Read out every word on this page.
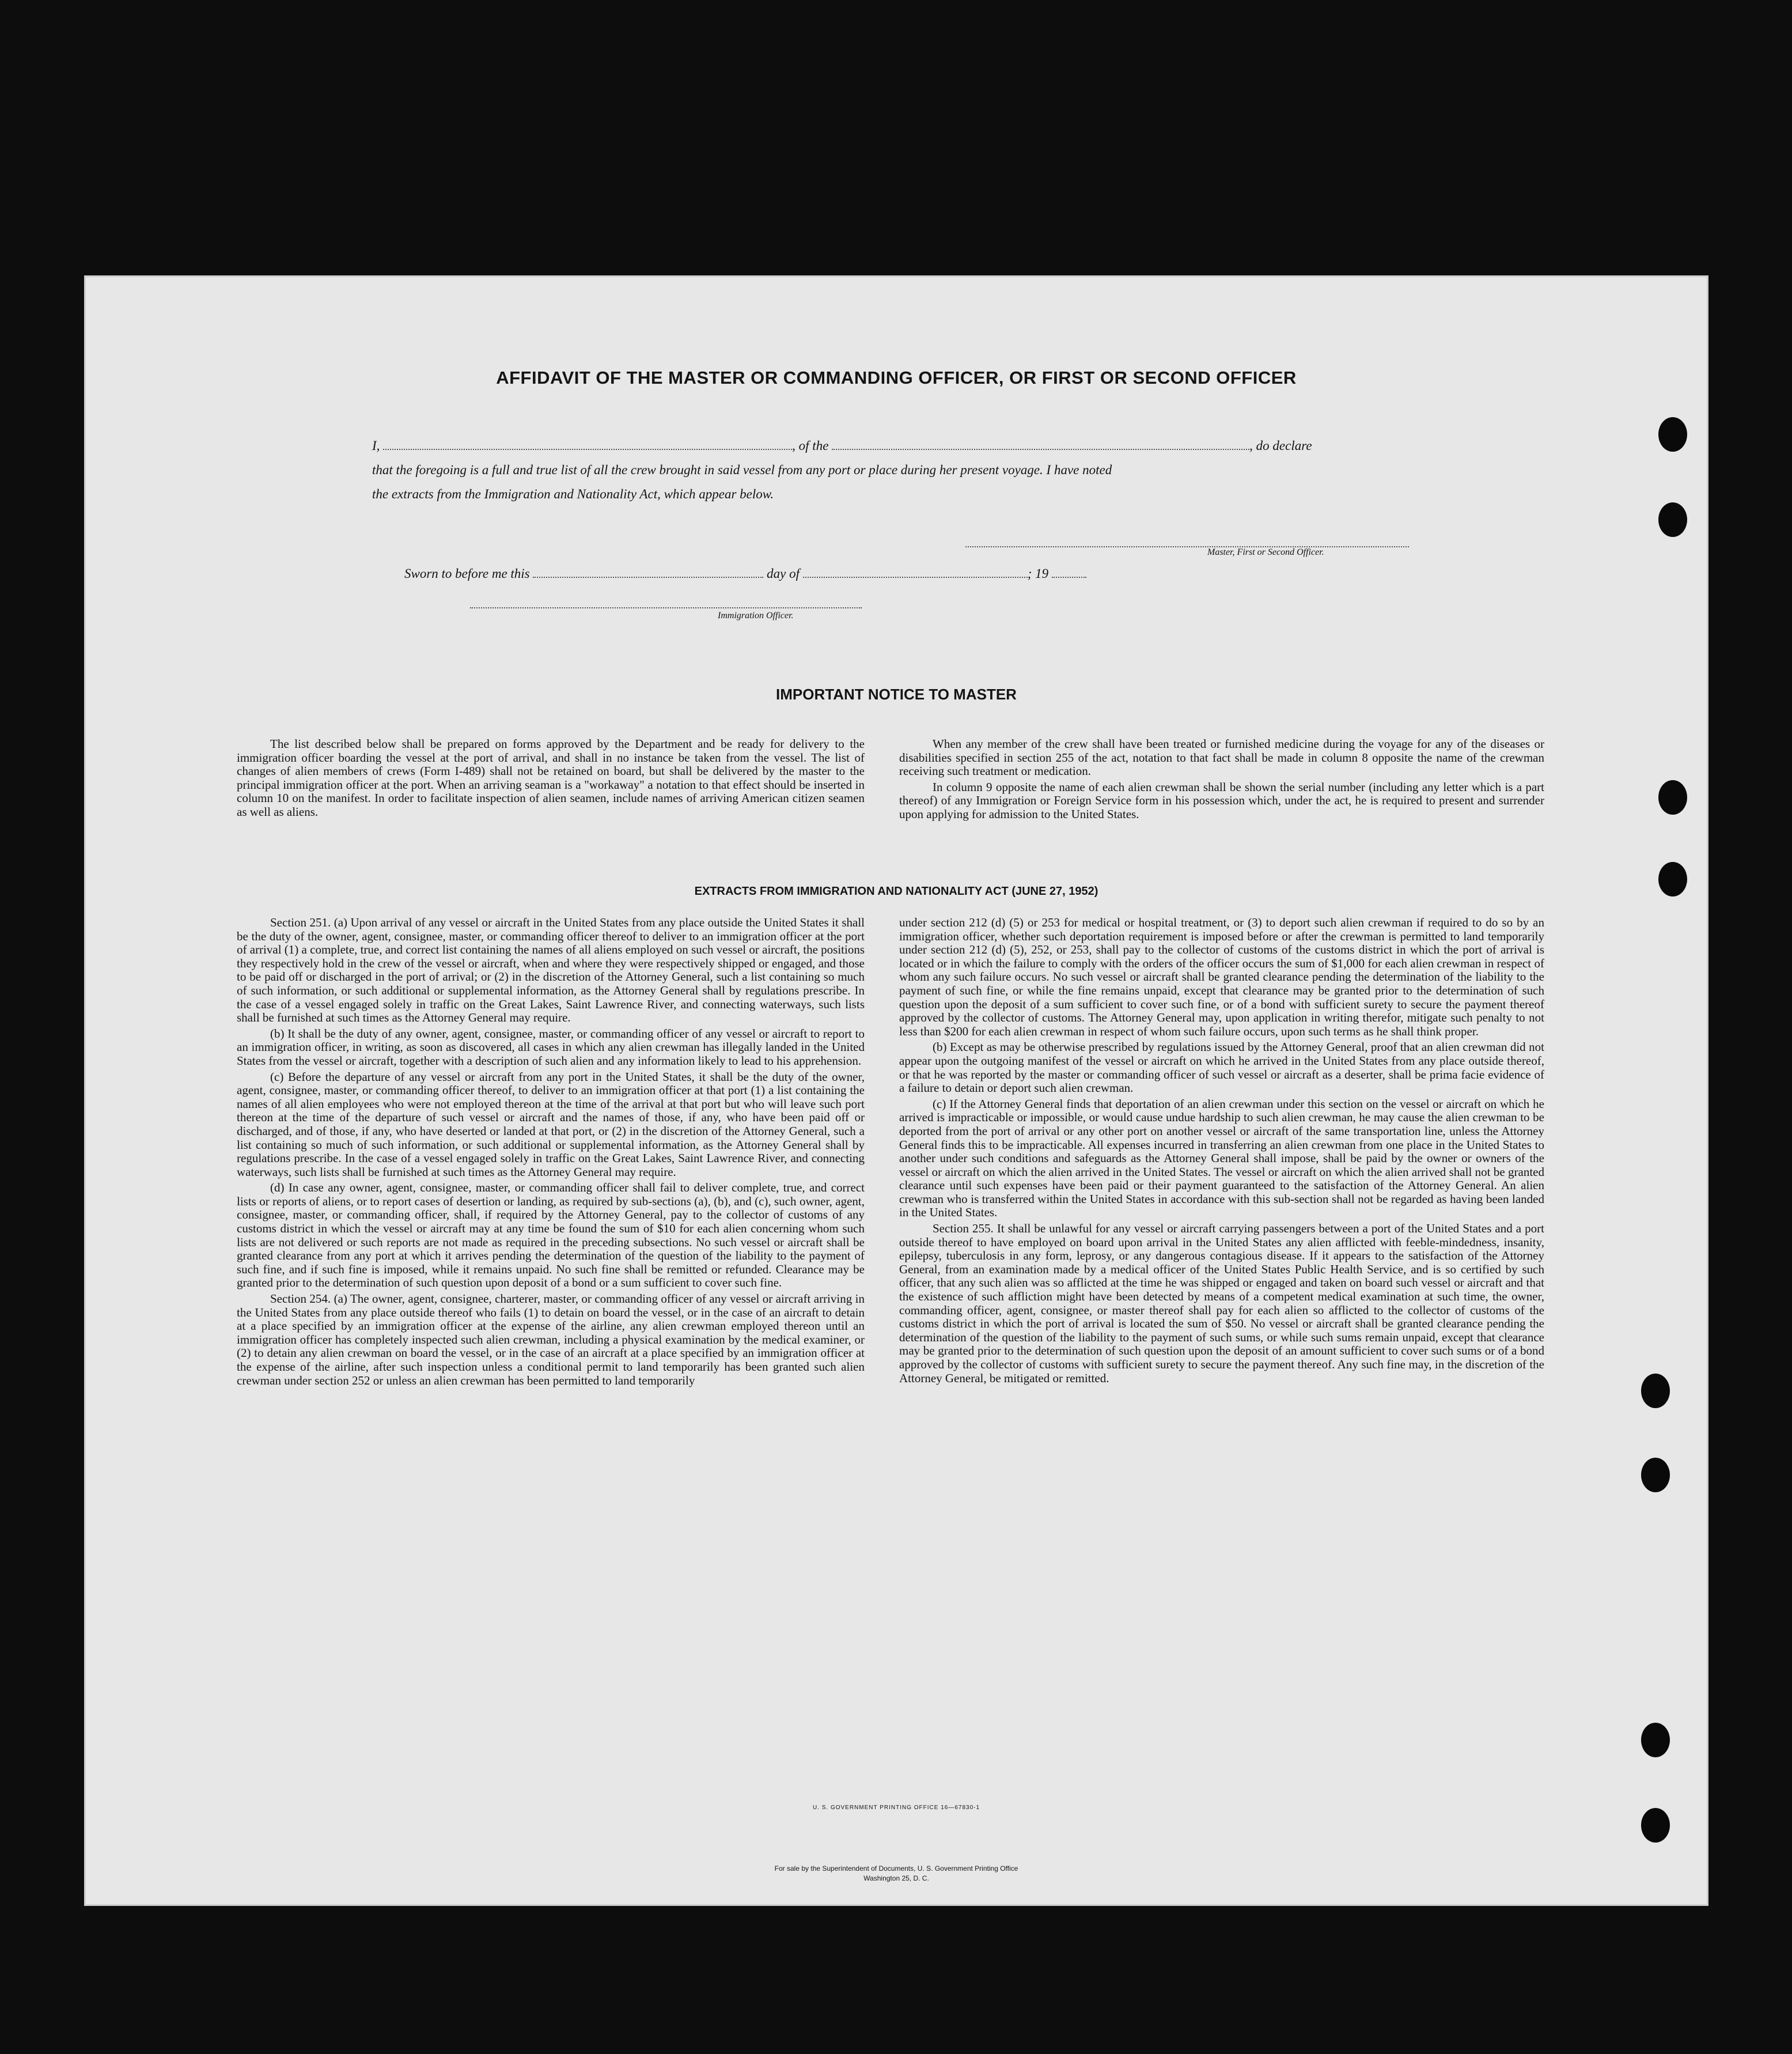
AFFIDAVIT OF THE MASTER OR COMMANDING OFFICER, OR FIRST OR SECOND OFFICER
I,	, of the	, do declare
that the foregoing is a full and true list of all the crew brought in said vessel from any port or place during her present voyage. I have noted
the extracts from the Immigration and Nationality Act, which appear below.
Master, First or Second Officer.
Sworn to before me this	day of	; 19
Immigration Officer.
IMPORTANT NOTICE TO MASTER

The list described below shall be prepared on forms approved by the Department and be ready for delivery to the immigration officer boarding the vessel at the port of arrival, and shall in no instance be taken from the vessel. The list of changes of alien members of crews (Form I-489) shall not be retained on board, but shall be delivered by the master to the principal immigration officer at the port. When an arriving seaman is a "workaway" a notation to that effect should be inserted in column 10 on the manifest. In order to facilitate inspection of alien seamen, include names of arriving American citizen seamen as well as aliens.

When any member of the crew shall have been treated or furnished medicine during the voyage for any of the diseases or disabilities specified in section 255 of the act, notation to that fact shall be made in column 8 opposite the name of the crewman receiving such treatment or medication.

In column 9 opposite the name of each alien crewman shall be shown the serial number (including any letter which is a part thereof) of any Immigration or Foreign Service form in his possession which, under the act, he is required to present and surrender upon applying for admission to the United States.

EXTRACTS FROM IMMIGRATION AND NATIONALITY ACT (JUNE 27, 1952)

Section 251. (a) Upon arrival of any vessel or aircraft in the United States from any place outside the United States it shall be the duty of the owner, agent, consignee, master, or commanding officer thereof to deliver to an immigration officer at the port of arrival (1) a complete, true, and correct list containing the names of all aliens employed on such vessel or aircraft, the positions they respectively hold in the crew of the vessel or aircraft, when and where they were respectively shipped or engaged, and those to be paid off or discharged in the port of arrival; or (2) in the discretion of the Attorney General, such a list containing so much of such information, or such additional or supplemental information, as the Attorney General shall by regulations prescribe. In the case of a vessel engaged solely in traffic on the Great Lakes, Saint Lawrence River, and connecting waterways, such lists shall be furnished at such times as the Attorney General may require.

(b) It shall be the duty of any owner, agent, consignee, master, or commanding officer of any vessel or aircraft to report to an immigration officer, in writing, as soon as discovered, all cases in which any alien crewman has illegally landed in the United States from the vessel or aircraft, together with a description of such alien and any information likely to lead to his apprehension.

(c) Before the departure of any vessel or aircraft from any port in the United States, it shall be the duty of the owner, agent, consignee, master, or commanding officer thereof, to deliver to an immigration officer at that port (1) a list containing the names of all alien employees who were not employed thereon at the time of the arrival at that port but who will leave such port thereon at the time of the departure of such vessel or aircraft and the names of those, if any, who have been paid off or discharged, and of those, if any, who have deserted or landed at that port, or (2) in the discretion of the Attorney General, such a list containing so much of such information, or such additional or supplemental information, as the Attorney General shall by regulations prescribe. In the case of a vessel engaged solely in traffic on the Great Lakes, Saint Lawrence River, and connecting waterways, such lists shall be furnished at such times as the Attorney General may require.

(d) In case any owner, agent, consignee, master, or commanding officer shall fail to deliver complete, true, and correct lists or reports of aliens, or to report cases of desertion or landing, as required by sub-sections (a), (b), and (c), such owner, agent, consignee, master, or commanding officer, shall, if required by the Attorney General, pay to the collector of customs of any customs district in which the vessel or aircraft may at any time be found the sum of $10 for each alien concerning whom such lists are not delivered or such reports are not made as required in the preceding subsections. No such vessel or aircraft shall be granted clearance from any port at which it arrives pending the determination of the question of the liability to the payment of such fine, and if such fine is imposed, while it remains unpaid. No such fine shall be remitted or refunded. Clearance may be granted prior to the determination of such question upon deposit of a bond or a sum sufficient to cover such fine.

Section 254. (a) The owner, agent, consignee, charterer, master, or commanding officer of any vessel or aircraft arriving in the United States from any place outside thereof who fails (1) to detain on board the vessel, or in the case of an aircraft to detain at a place specified by an immigration officer at the expense of the airline, any alien crewman employed thereon until an immigration officer has completely inspected such alien crewman, including a physical examination by the medical examiner, or (2) to detain any alien crewman on board the vessel, or in the case of an aircraft at a place specified by an immigration officer at the expense of the airline, after such inspection unless a conditional permit to land temporarily has been granted such alien crewman under section 252 or unless an alien crewman has been permitted to land temporarily

under section 212 (d) (5) or 253 for medical or hospital treatment, or (3) to deport such alien crewman if required to do so by an immigration officer, whether such deportation requirement is imposed before or after the crewman is permitted to land temporarily under section 212 (d) (5), 252, or 253, shall pay to the collector of customs of the customs district in which the port of arrival is located or in which the failure to comply with the orders of the officer occurs the sum of $1,000 for each alien crewman in respect of whom any such failure occurs. No such vessel or aircraft shall be granted clearance pending the determination of the liability to the payment of such fine, or while the fine remains unpaid, except that clearance may be granted prior to the determination of such question upon the deposit of a sum sufficient to cover such fine, or of a bond with sufficient surety to secure the payment thereof approved by the collector of customs. The Attorney General may, upon application in writing therefor, mitigate such penalty to not less than $200 for each alien crewman in respect of whom such failure occurs, upon such terms as he shall think proper.

(b) Except as may be otherwise prescribed by regulations issued by the Attorney General, proof that an alien crewman did not appear upon the outgoing manifest of the vessel or aircraft on which he arrived in the United States from any place outside thereof, or that he was reported by the master or commanding officer of such vessel or aircraft as a deserter, shall be prima facie evidence of a failure to detain or deport such alien crewman.

(c) If the Attorney General finds that deportation of an alien crewman under this section on the vessel or aircraft on which he arrived is impracticable or impossible, or would cause undue hardship to such alien crewman, he may cause the alien crewman to be deported from the port of arrival or any other port on another vessel or aircraft of the same transportation line, unless the Attorney General finds this to be impracticable. All expenses incurred in transferring an alien crewman from one place in the United States to another under such conditions and safeguards as the Attorney General shall impose, shall be paid by the owner or owners of the vessel or aircraft on which the alien arrived in the United States. The vessel or aircraft on which the alien arrived shall not be granted clearance until such expenses have been paid or their payment guaranteed to the satisfaction of the Attorney General. An alien crewman who is transferred within the United States in accordance with this sub-section shall not be regarded as having been landed in the United States.

Section 255. It shall be unlawful for any vessel or aircraft carrying passengers between a port of the United States and a port outside thereof to have employed on board upon arrival in the United States any alien afflicted with feeble-mindedness, insanity, epilepsy, tuberculosis in any form, leprosy, or any dangerous contagious disease. If it appears to the satisfaction of the Attorney General, from an examination made by a medical officer of the United States Public Health Service, and is so certified by such officer, that any such alien was so afflicted at the time he was shipped or engaged and taken on board such vessel or aircraft and that the existence of such affliction might have been detected by means of a competent medical examination at such time, the owner, commanding officer, agent, consignee, or master thereof shall pay for each alien so afflicted to the collector of customs of the customs district in which the port of arrival is located the sum of $50. No vessel or aircraft shall be granted clearance pending the determination of the question of the liability to the payment of such sums, or while such sums remain unpaid, except that clearance may be granted prior to the determination of such question upon the deposit of an amount sufficient to cover such sums or of a bond approved by the collector of customs with sufficient surety to secure the payment thereof. Any such fine may, in the discretion of the Attorney General, be mitigated or remitted.

U. S. GOVERNMENT PRINTING OFFICE 16—67830-1
For sale by the Superintendent of Documents, U. S. Government Printing Office
Washington 25, D. C.
